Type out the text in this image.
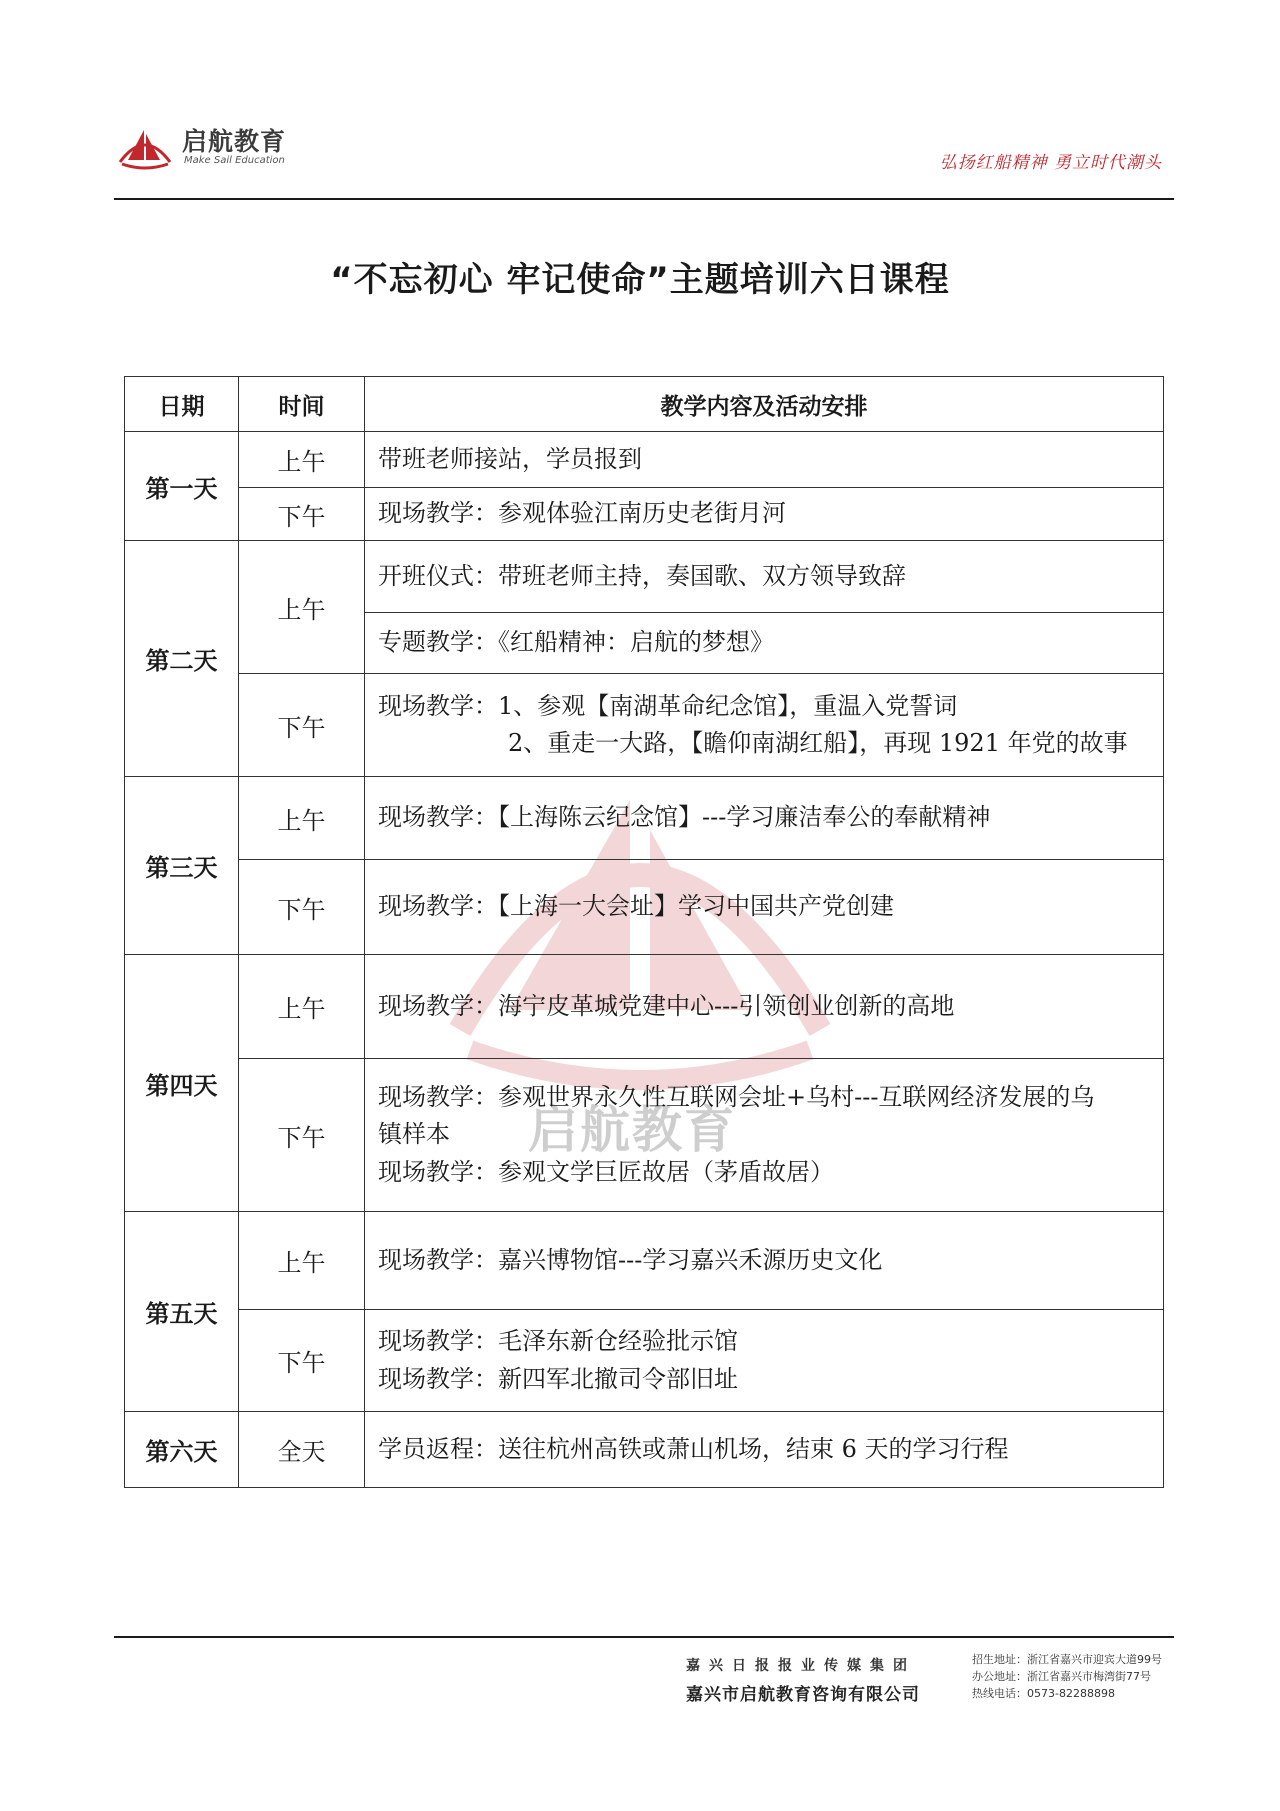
启航教育
Make Sail Education	弘扬红船精神 勇立时代潮头
“不忘初心 牢记使命”主题培训六日课程
启航教育
日期	时间	教学内容及活动安排
第一天	上午	带班老师接站，学员报到

	下午	现场教学：参观体验江南历史老街月河

第二天	上午	开班仪式：带班老师主持，奏国歌、双方领导致辞

		专题教学：《红船精神：启航的梦想》

	下午	现场教学：1、参观【南湖革命纪念馆】，重温入党誓词
2、重走一大路，【瞻仰南湖红船】，再现 1921 年党的故事

第三天	上午	现场教学：【上海陈云纪念馆】---学习廉洁奉公的奉献精神

	下午	现场教学：【上海一大会址】学习中国共产党创建

第四天	上午	现场教学：海宁皮革城党建中心---引领创业创新的高地

	下午	现场教学：参观世界永久性互联网会址+乌村---互联网经济发展的乌
镇样本
现场教学：参观文学巨匠故居（茅盾故居）

第五天	上午	现场教学：嘉兴博物馆---学习嘉兴禾源历史文化

	下午	现场教学：毛泽东新仓经验批示馆
现场教学：新四军北撤司令部旧址

第六天	全天	学员返程：送往杭州高铁或萧山机场，结束 6 天的学习行程
嘉兴日报报业传媒集团
嘉兴市启航教育咨询有限公司
招生地址：浙江省嘉兴市迎宾大道99号
办公地址：浙江省嘉兴市梅湾街77号
热线电话：0573-82288898
